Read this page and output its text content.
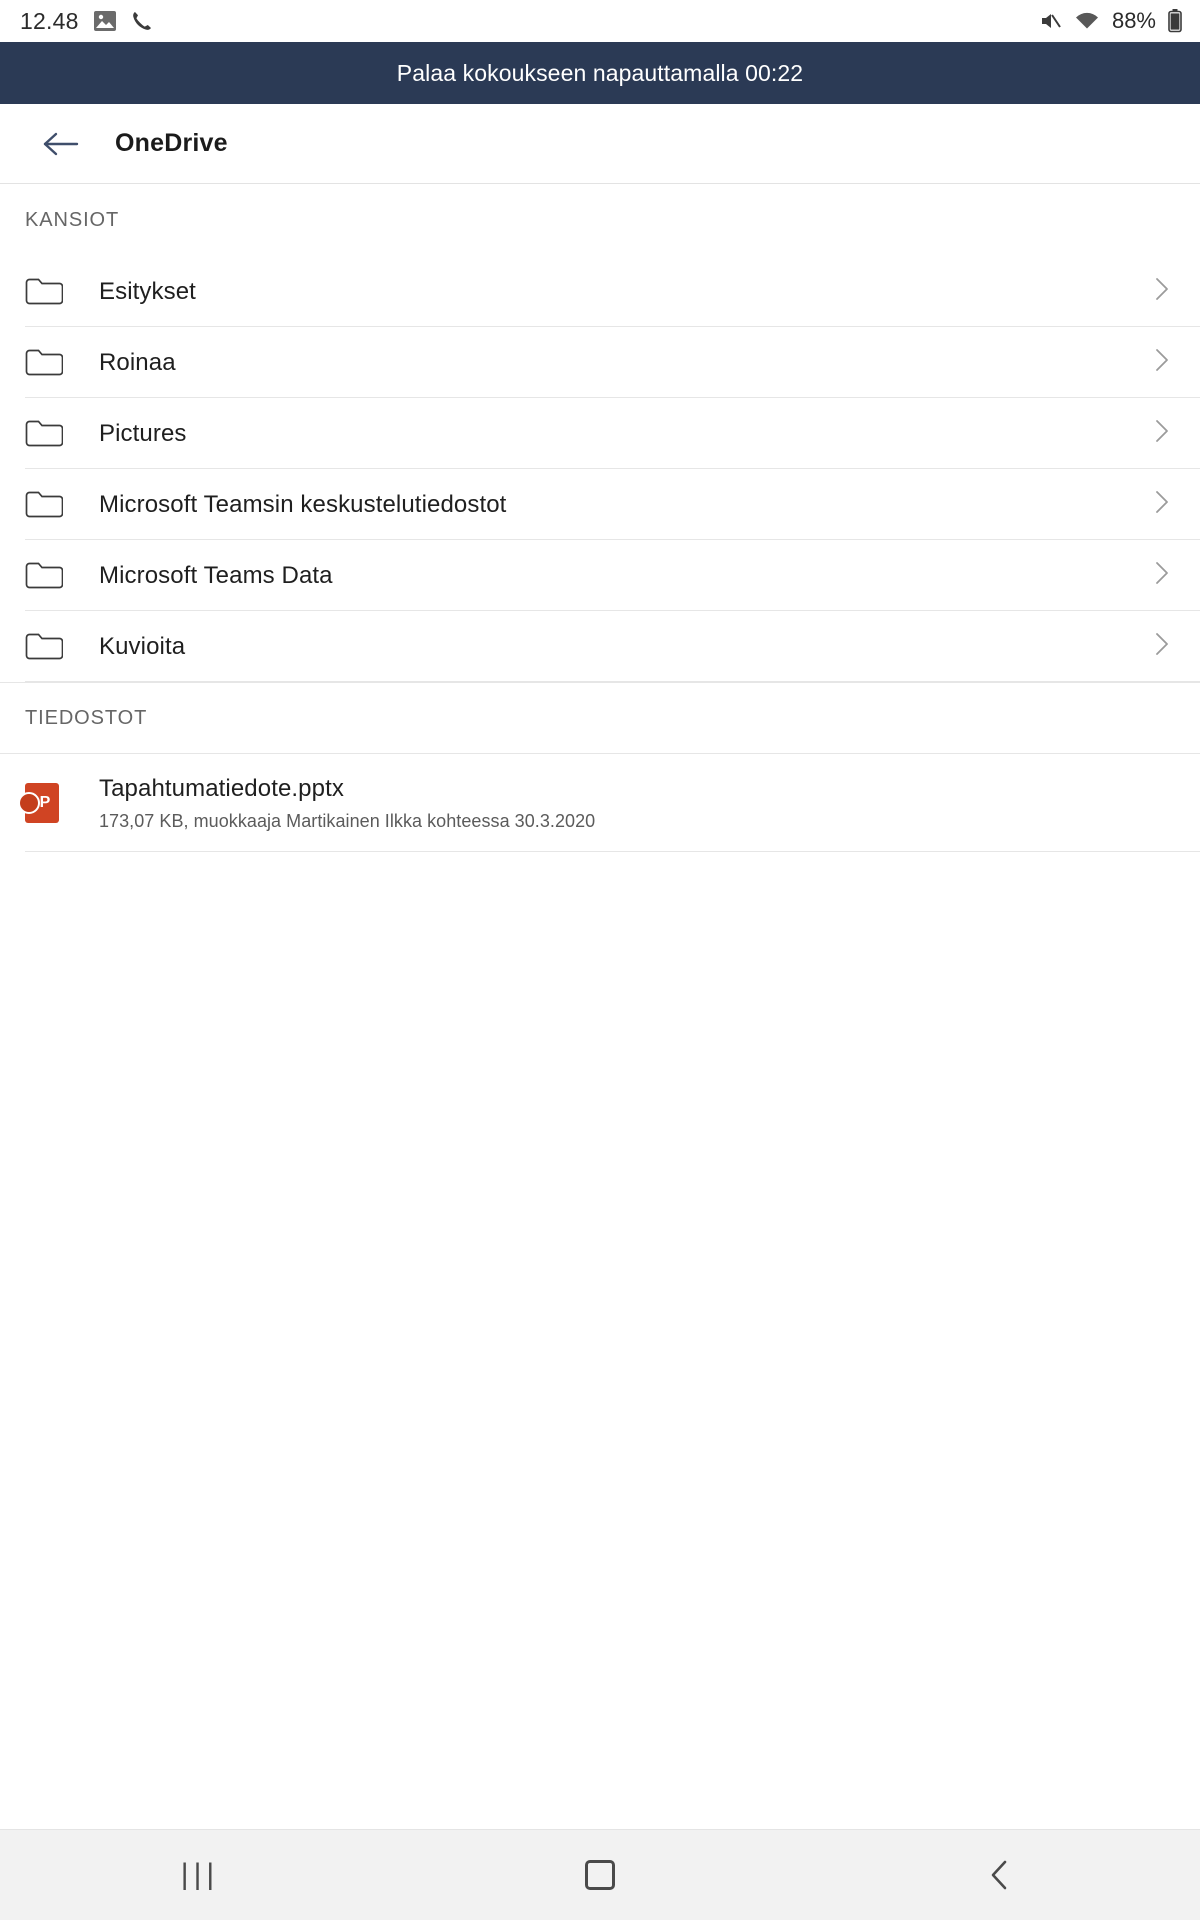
12.48	88%
Palaa kokoukseen napauttamalla 00:22
OneDrive
KANSIOT
Esitykset
Roinaa
Pictures
Microsoft Teamsin keskustelutiedostot
Microsoft Teams Data
Kuvioita
TIEDOSTOT
P
Tapahtumatiedote.pptx
173,07 KB, muokkaaja Martikainen Ilkka kohteessa 30.3.2020
|||
